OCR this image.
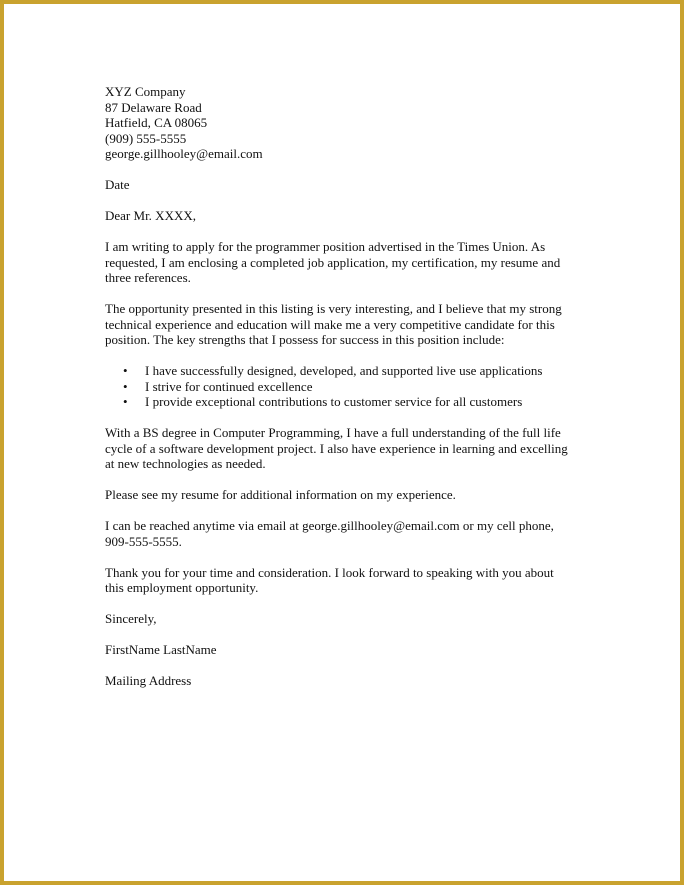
XYZ Company
87 Delaware Road
Hatfield, CA 08065
(909) 555-5555
george.gillhooley@email.com
Date
Dear Mr. XXXX,
I am writing to apply for the programmer position advertised in the Times Union. As
requested, I am enclosing a completed job application, my certification, my resume and
three references.
The opportunity presented in this listing is very interesting, and I believe that my strong
technical experience and education will make me a very competitive candidate for this
position. The key strengths that I possess for success in this position include:
• I have successfully designed, developed, and supported live use applications
• I strive for continued excellence
• I provide exceptional contributions to customer service for all customers
With a BS degree in Computer Programming, I have a full understanding of the full life
cycle of a software development project. I also have experience in learning and excelling
at new technologies as needed.
Please see my resume for additional information on my experience.
I can be reached anytime via email at george.gillhooley@email.com or my cell phone,
909-555-5555.
Thank you for your time and consideration. I look forward to speaking with you about
this employment opportunity.
Sincerely,
FirstName LastName
Mailing Address
